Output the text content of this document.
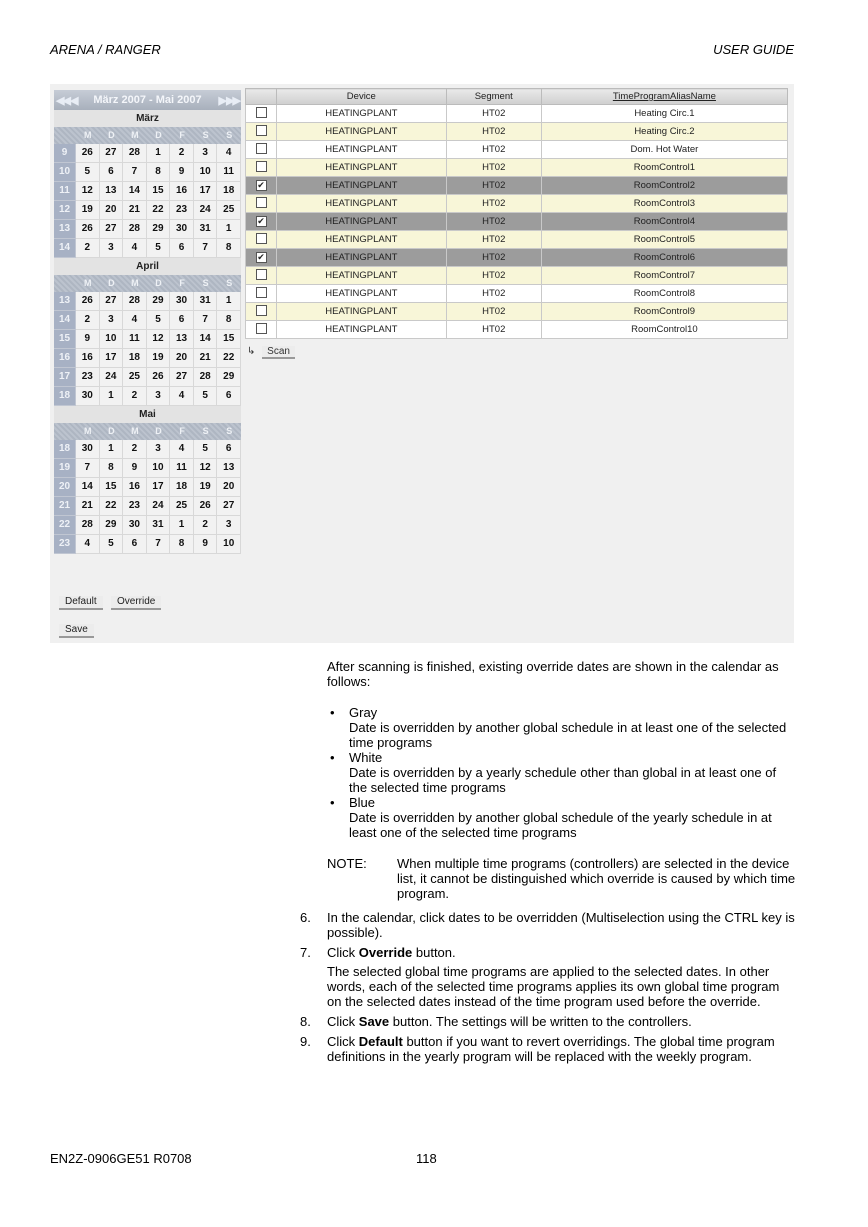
ARENA / RANGER	USER GUIDE
◀◀ ◀ März 2007 - Mai 2007 ▶ ▶▶
März
M	D	M	D	F	S	S
9	26	27	28	1	2	3	4
10	5	6	7	8	9	10	11
11	12	13	14	15	16	17	18
12	19	20	21	22	23	24	25
13	26	27	28	29	30	31	1
14	2	3	4	5	6	7	8
April
M	D	M	D	F	S	S
13	26	27	28	29	30	31	1
14	2	3	4	5	6	7	8
15	9	10	11	12	13	14	15
16	16	17	18	19	20	21	22
17	23	24	25	26	27	28	29
18	30	1	2	3	4	5	6
Mai
M	D	M	D	F	S	S
18	30	1	2	3	4	5	6
19	7	8	9	10	11	12	13
20	14	15	16	17	18	19	20
21	21	22	23	24	25	26	27
22	28	29	30	31	1	2	3
23	4	5	6	7	8	9	10
Default	Override
Save
	Device	Segment	TimeProgramAliasName
	HEATINGPLANT	HT02	Heating Circ.1
	HEATINGPLANT	HT02	Heating Circ.2
	HEATINGPLANT	HT02	Dom. Hot Water
	HEATINGPLANT	HT02	RoomControl1
✔	HEATINGPLANT	HT02	RoomControl2
	HEATINGPLANT	HT02	RoomControl3
✔	HEATINGPLANT	HT02	RoomControl4
	HEATINGPLANT	HT02	RoomControl5
✔	HEATINGPLANT	HT02	RoomControl6
	HEATINGPLANT	HT02	RoomControl7
	HEATINGPLANT	HT02	RoomControl8
	HEATINGPLANT	HT02	RoomControl9
	HEATINGPLANT	HT02	RoomControl10
↳ Scan

After scanning is finished, existing override dates are shown in the calendar as follows:

• Gray
Date is overridden by another global schedule in at least one of the selected time programs
• White
Date is overridden by a yearly schedule other than global in at least one of the selected time programs
• Blue
Date is overridden by another global schedule of the yearly schedule in at least one of the selected time programs
NOTE:	When multiple time programs (controllers) are selected in the device list, it cannot be distinguished which override is caused by which time program.
6.	In the calendar, click dates to be overridden (Multiselection using the CTRL key is possible).
7.	Click Override button.

The selected global time programs are applied to the selected dates. In other words, each of the selected time programs applies its own global time program on the selected dates instead of the time program used before the override.

8.	Click Save button. The settings will be written to the controllers.
9.	Click Default button if you want to revert overridings. The global time program definitions in the yearly program will be replaced with the weekly program.
EN2Z-0906GE51 R0708	118
